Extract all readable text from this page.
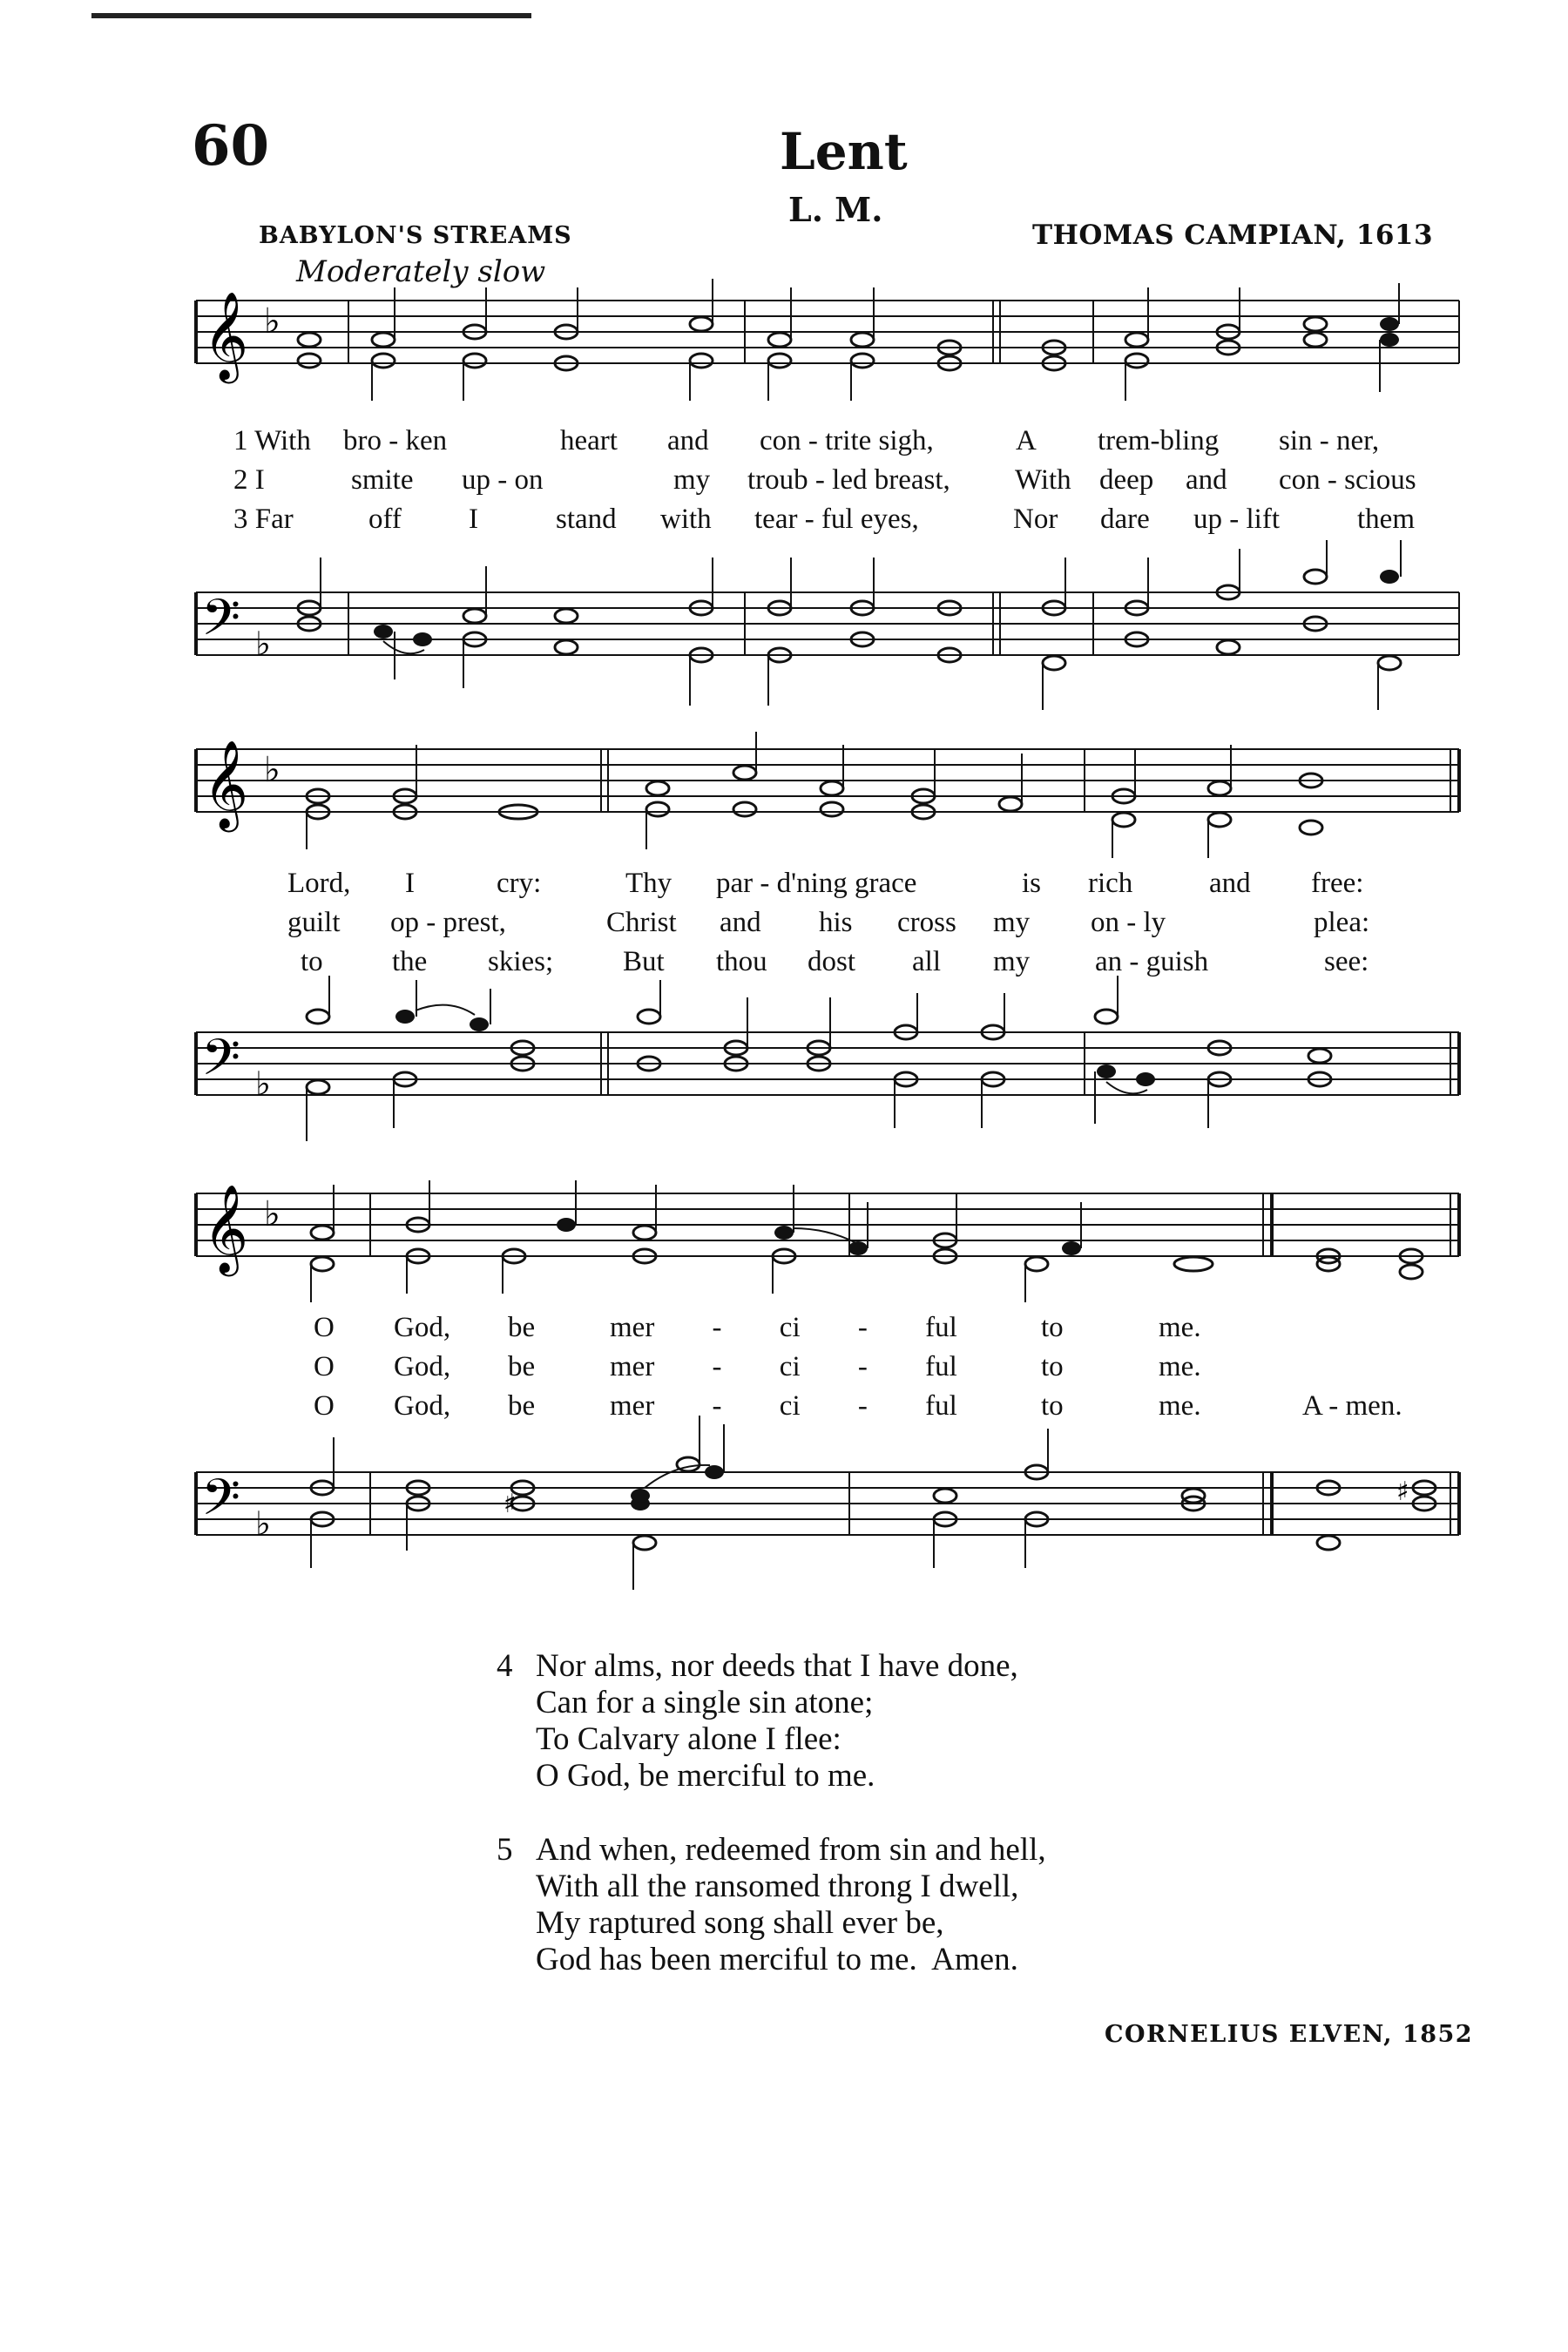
60	Lent
L. M.
BABYLON'S STREAMS	THOMAS CAMPIAN, 1613
Moderately slow
𝄞 ♭
1 With bro - ken	heart and con - trite sigh,	A trem-bling sin - ner,
2 I	smite up - on	my troub - led breast, With deep and con - scious
3 Far	off I	stand with tear - ful eyes,	Nor dare up - lift	them
𝄢 ♭
𝄞 ♭
Lord, I	cry:	Thy par - d'ning grace	is rich	and free:
guilt op - prest,	Christ and his cross my on - ly	plea:
to the skies; But thou dost all my an - guish	see:
𝄢 ♭
𝄞 ♭
O God, be	mer - ci - ful	to	me.
O God, be	mer - ci - ful	to	me.
O God, be	mer - ci - ful	to	me.	A - men.
𝄢 ♭
♯	♯
4 Nor alms, nor deeds that I have done,
Can for a single sin atone;
To Calvary alone I flee:
O God, be merciful to me.
5 And when, redeemed from sin and hell,
With all the ransomed throng I dwell,
My raptured song shall ever be,
God has been merciful to me.  Amen.
CORNELIUS ELVEN, 1852
